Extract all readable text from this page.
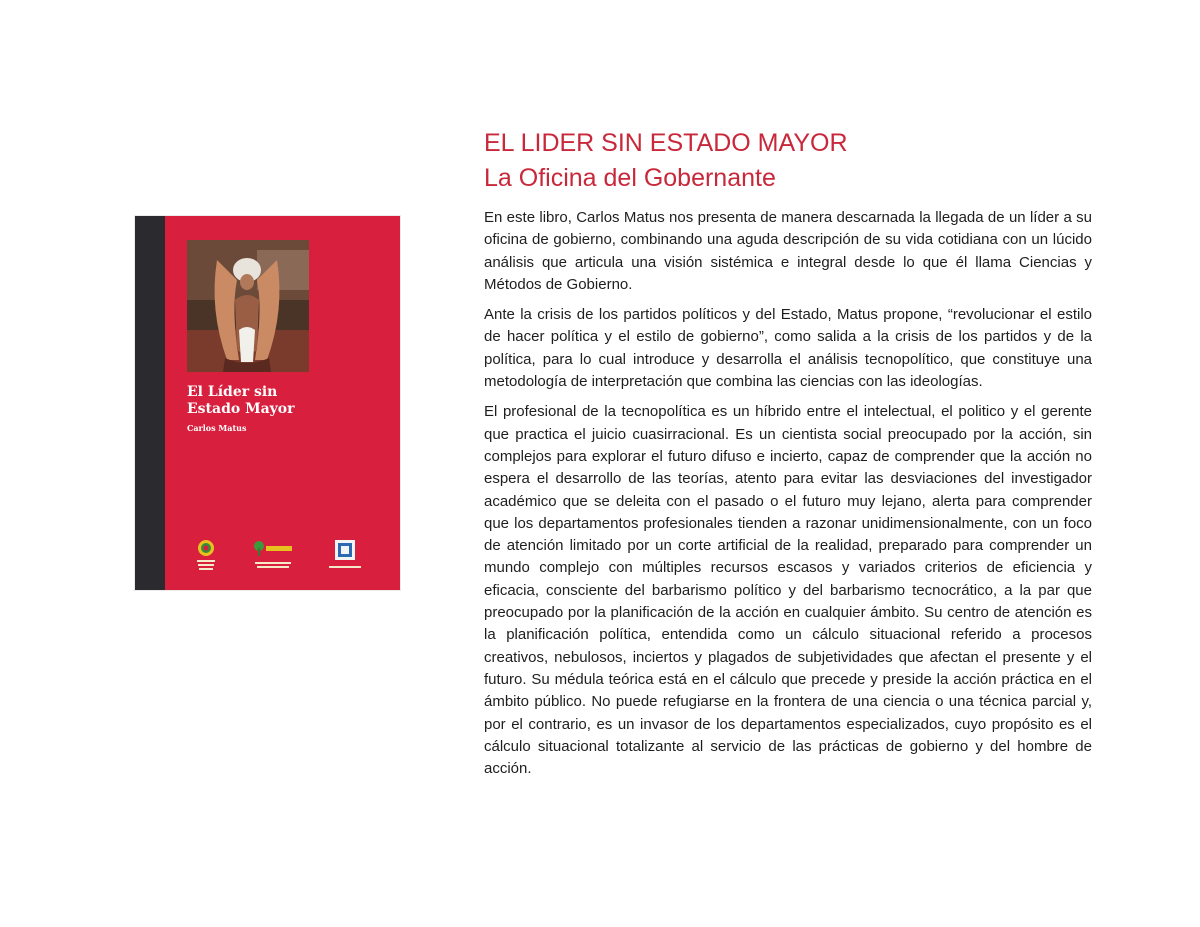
El Líder sin
Estado Mayor
Carlos Matus
EL LIDER SIN ESTADO MAYOR
La Oficina del Gobernante

En este libro, Carlos Matus nos presenta de manera descarnada la llegada de un líder a su oficina de gobierno, combinando una aguda descripción de su vida cotidiana con un lúcido análisis que articula una visión sistémica e integral desde lo que él llama Ciencias y Métodos de Gobierno.

Ante la crisis de los partidos políticos y del Estado, Matus propone, “revolucionar el estilo de hacer política y el estilo de gobierno”, como salida a la crisis de los partidos y de la política, para lo cual introduce y desarrolla el análisis tecnopolítico, que constituye una metodología de interpretación que combina las ciencias con las ideologías.

El profesional de la tecnopolítica es un híbrido entre el intelectual, el politico y el gerente que practica el juicio cuasirracional. Es un cientista social preocupado por la acción, sin complejos para explorar el futuro difuso e incierto, capaz de comprender que la acción no espera el desarrollo de las teorías, atento para evitar las desviaciones del investigador académico que se deleita con el pasado o el futuro muy lejano, alerta para comprender que los departamentos profesionales tienden a razonar unidimensionalmente, con un foco de atención limitado por un corte artificial de la realidad, preparado para comprender un mundo complejo con múltiples recursos escasos y variados criterios de eficiencia y eficacia, consciente del barbarismo político y del barbarismo tecnocrático, a la par que preocupado por la planificación de la acción en cualquier ámbito. Su centro de atención es la planificación política, entendida como un cálculo situacional referido a procesos creativos, nebulosos, inciertos y plagados de subjetividades que afectan el presente y el futuro. Su médula teórica está en el cálculo que precede y preside la acción práctica en el ámbito público. No puede refugiarse en la frontera de una ciencia o una técnica parcial y, por el contrario, es un invasor de los departamentos especializados, cuyo propósito es el cálculo situacional totalizante al servicio de las prácticas de gobierno y del hombre de acción.
